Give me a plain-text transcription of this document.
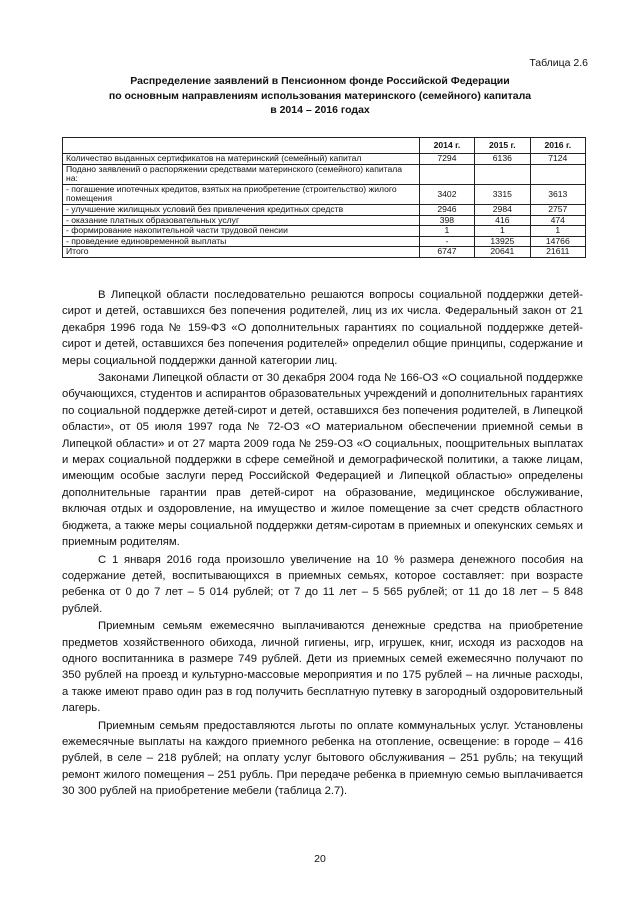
Таблица 2.6
Распределение заявлений в Пенсионном фонде Российской Федерации
по основным направлениям использования материнского (семейного) капитала
в 2014 – 2016 годах
	2014 г.	2015 г.	2016 г.
Количество выданных сертификатов на материнский (семейный) капитал	7294	6136	7124
Подано заявлений о распоряжении средствами материнского (семейного) капитала на:			
- погашение ипотечных кредитов, взятых на приобретение (строительство) жилого помещения	3402	3315	3613
- улучшение жилищных условий без привлечения кредитных средств	2946	2984	2757
- оказание платных образовательных услуг	398	416	474
- формирование накопительной части трудовой пенсии	1	1	1
- проведение единовременной выплаты	-	13925	14766
Итого	6747	20641	21611

В Липецкой области последовательно решаются вопросы социальной поддержки детей-сирот и детей, оставшихся без попечения родителей, лиц из их числа. Федеральный закон от 21 декабря 1996 года № 159-ФЗ «О дополнительных гарантиях по социальной поддержке детей-сирот и детей, оставшихся без попечения родителей» определил общие принципы, содержание и меры социальной поддержки данной категории лиц.

Законами Липецкой области от 30 декабря 2004 года № 166-ОЗ «О социальной поддержке обучающихся, студентов и аспирантов образовательных учреждений и дополнительных гарантиях по социальной поддержке детей-сирот и детей, оставшихся без попечения родителей, в Липецкой области», от 05 июля 1997 года № 72-ОЗ «О материальном обеспечении приемной семьи в Липецкой области» и от 27 марта 2009 года № 259-ОЗ «О социальных, поощрительных выплатах и мерах социальной поддержки в сфере семейной и демографической политики, а также лицам, имеющим особые заслуги перед Российской Федерацией и Липецкой областью» определены дополнительные гарантии прав детей-сирот на образование, медицинское обслуживание, включая отдых и оздоровление, на имущество и жилое помещение за счет средств областного бюджета, а также меры социальной поддержки детям-сиротам в приемных и опекунских семьях и приемным родителям.

С 1 января 2016 года произошло увеличение на 10 % размера денежного пособия на содержание детей, воспитывающихся в приемных семьях, которое составляет: при возрасте ребенка от 0 до 7 лет – 5 014 рублей; от 7 до 11 лет – 5 565 рублей; от 11 до 18 лет – 5 848 рублей.

Приемным семьям ежемесячно выплачиваются денежные средства на приобретение предметов хозяйственного обихода, личной гигиены, игр, игрушек, книг, исходя из расходов на одного воспитанника в размере 749 рублей. Дети из приемных семей ежемесячно получают по 350 рублей на проезд и культурно-массовые мероприятия и по 175 рублей – на личные расходы, а также имеют право один раз в год получить бесплатную путевку в загородный оздоровительный лагерь.

Приемным семьям предоставляются льготы по оплате коммунальных услуг. Установлены ежемесячные выплаты на каждого приемного ребенка на отопление, освещение: в городе – 416 рублей, в селе – 218 рублей; на оплату услуг бытового обслуживания – 251 рубль; на текущий ремонт жилого помещения – 251 рубль. При передаче ребенка в приемную семью выплачивается 30 300 рублей на приобретение мебели (таблица 2.7).

20
